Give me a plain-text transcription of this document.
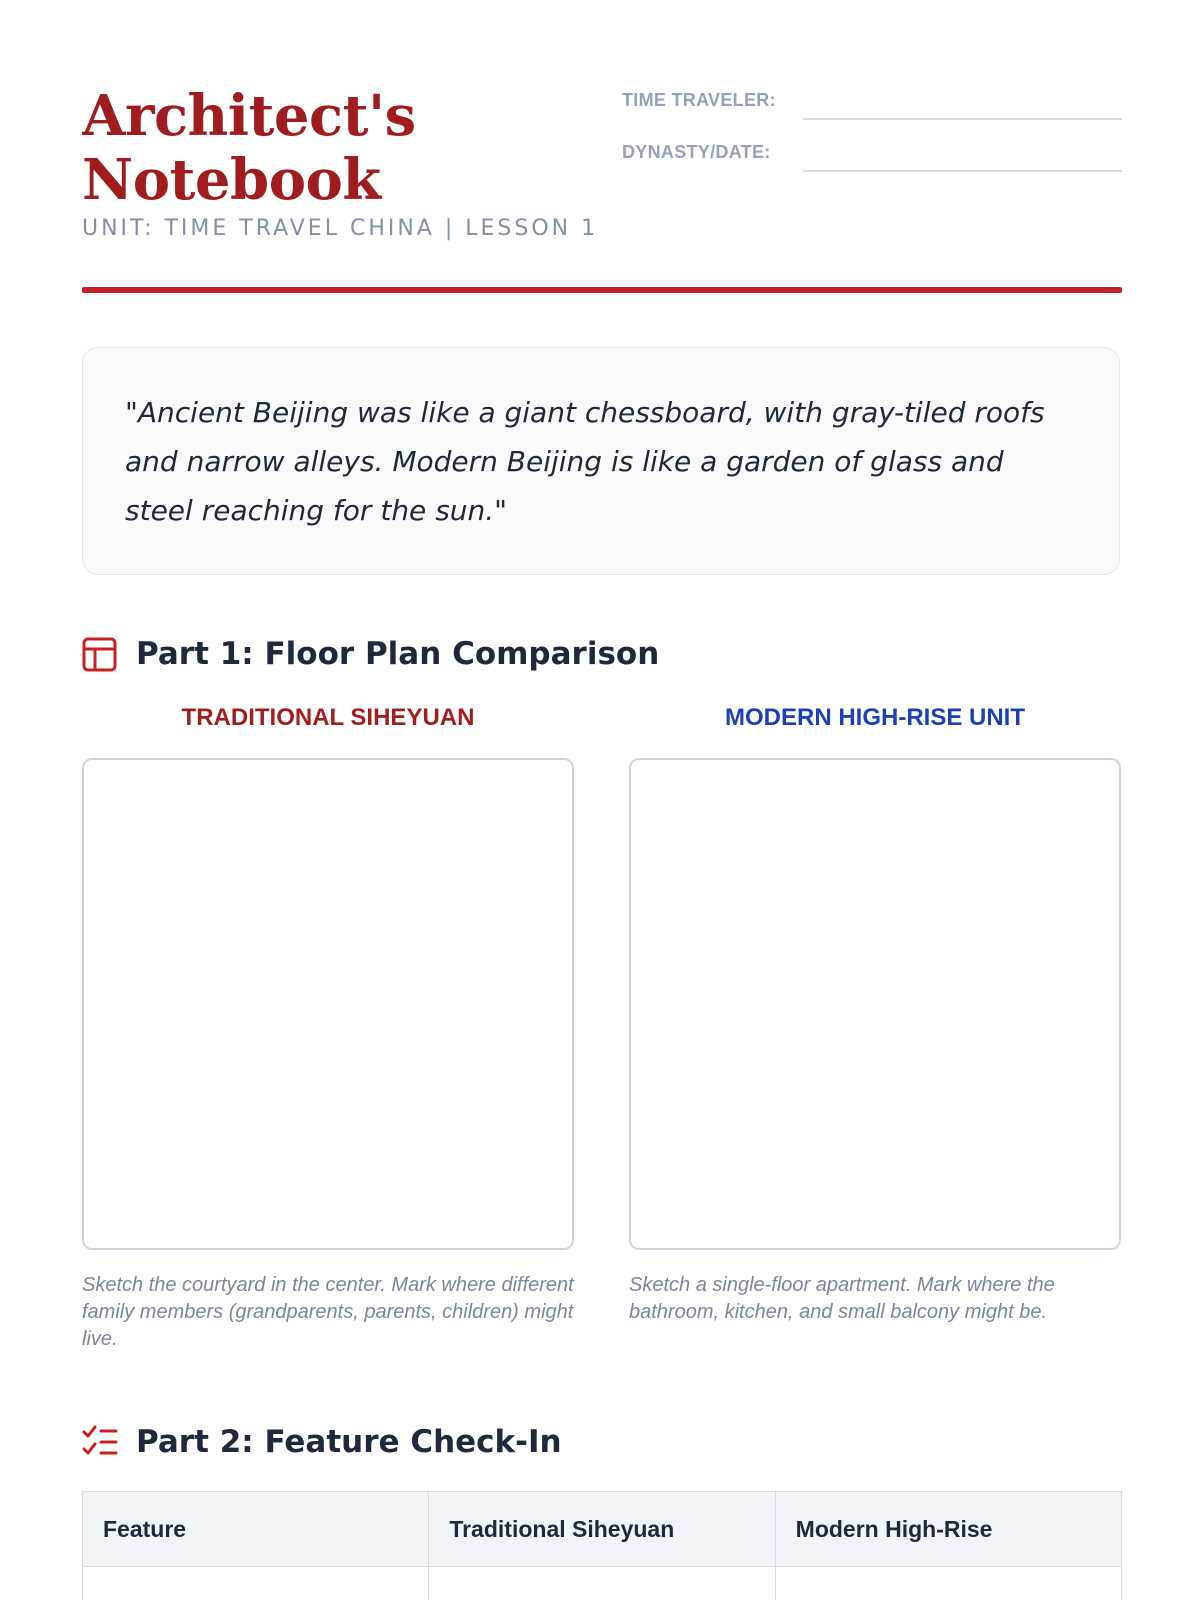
Architect's
Notebook
UNIT: TIME TRAVEL CHINA | LESSON 1
TIME TRAVELER:
DYNASTY/DATE:

"Ancient Beijing was like a giant chessboard, with gray-tiled roofs and narrow alleys. Modern Beijing is like a garden of glass and steel reaching for the sun."

Part 1: Floor Plan Comparison
TRADITIONAL SIHEYUAN
Sketch the courtyard in the center. Mark where different family members (grandparents, parents, children) might live.
MODERN HIGH-RISE UNIT
Sketch a single-floor apartment. Mark where the bathroom, kitchen, and small balcony might be.
Part 2: Feature Check-In
Feature	Traditional Siheyuan	Modern High-Rise
